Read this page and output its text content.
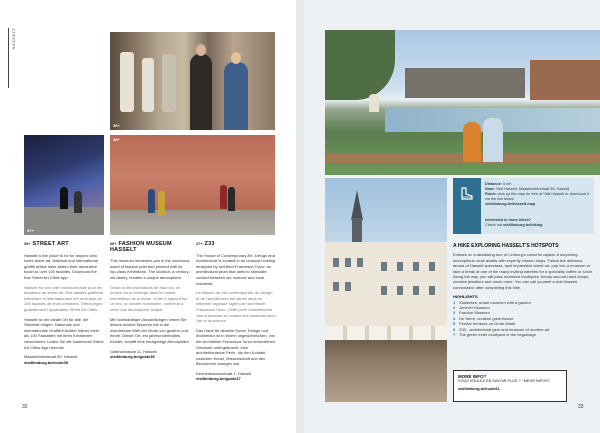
HASSELT
36+
37+
38+
35+ STREET ART

Hasselt is the place to be for anyone who loves street art. National and international graffiti artists have added their decorative touch to over 100 facades. Download the free Street Art Cities app.

Hasselt est une ville incontournable pour les amateurs de street art. Des artistes graffeurs nationaux et internationaux ont orné plus de 100 façades de leurs créations. Téléchargez gratuitement l’application Street Art Cities.

Hasselt ist der ideale Ort für alle, die Streetart mögen. Nationale und internationale Graffiti-Künstler haben mehr als 100 Fassaden mit ihren Kreationen verschönert. Laden Sie die kostenlose Street Art Cities App herunter.

Maastrichterstraat 59, Hasselt
visitlimburg.be/route35
36+ FASHION MUSEUM HASSELT

This museum immerses you in the wondrous world of fashion past and present with its top-class exhibitions. The location, a century-old abbey, creates a unique atmosphere.

Grâce à des expositions de haut vol, ce musée vous immerge dans le monde merveilleux de la mode, d’hier à aujourd’hui. Le lieu, un ancien monastère, contribue à créer une atmosphère unique.

Mit hochkarätigen Ausstellungen nimmt Sie dieses schöne Museum mit in die wunderbare Welt der Mode von gestern und heute. Dieser Ort, ein jahrhundertealtes Kloster, schafft eine einzigartige Atmosphäre.

Gasthuisstraat 11, Hasselt
visitlimburg.be/guide36
37+ Z33

The House of Contemporary Art, Design and Architecture is located in an unusual building designed by architect Francesca Torzo: an architectural pearl that aims to stimulate contact between art, science and local residents.

La Maison de l’art contemporain, du design et de l’architecture est située dans un bâtiment atypique signé par l’architecte Francesca Torzo. Cette perle d’architecture vise à favoriser le contact des habitants avec l’art et la science.

Das Haus für aktuelle Kunst, Design und Architektur ist in einem ungewöhnlichen, von der Architektin Francesca Torzo entworfenen Gebäude untergebracht: eine architektonische Perle, die den Kontakt zwischen Kunst, Wissenschaft und den Bewohnern anregen soll.

Dennenbatonnstraat 1, Hasselt
visitlimburg.be/guide37
Distance: 5 km
Start: Visit Hasselt, Maastrichterstraat 59, Hasselt
Route: pick up the map for free at Visit Hasselt or download it via the link below
visitlimburg.be/hasselt-map
Interested in more hikes?
Check out visitlimburg.be/hiking
A HIKE EXPLORING HASSELT’S HOTSPOTS

Embark on a tantalizing tour of Limburg’s colourful capital. A surprising, scrumptious route awaits with expertly chosen stops. Follow the delicious aroma of Hasselt speculaas, spot impressive street art, pop into a museum or take a break at one of the many inviting eateries for a speciality coffee or lunch. Along the way, you will pass exclusive boutiques, trendy second-hand shops, creative jewellers and much more. You can call yourself a real Hasselt connoisseur after completing this hike.

HIGHLIGHTS
1 Stokerkes, urban museum with a garden
2 Jenever Museum
3 Fashion Museum
4 De Serre, creative greenhouse
5 Festive terraces on Grote Markt
6 Z33 - architectural gem and museum of modern art
7 The green inner courtyard of the beguinage
MORE INFO?
VOUS VOULEZ EN SAVOIR PLUS ? / MEHR INFOS?
visitlimburg.be/route61
32	33
